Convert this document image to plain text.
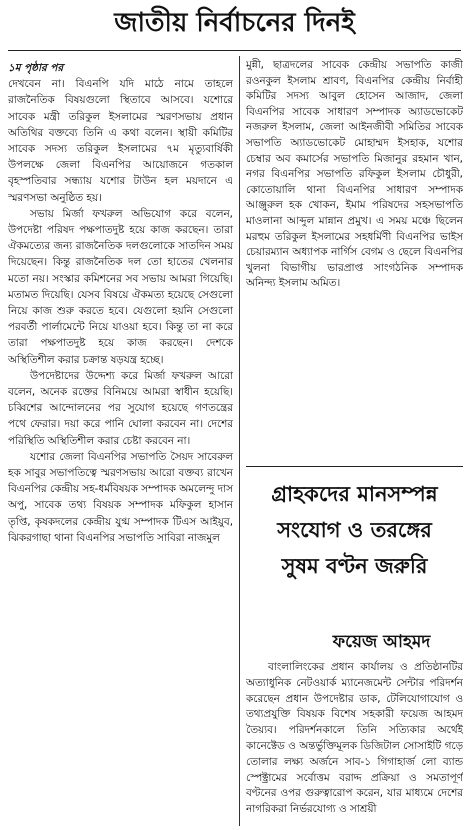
জাতীয় নির্বাচনের দিনই

১ম পৃষ্ঠার পর

দেখবেন না। বিএনপি যদি মাঠে নামে তাহলে রাজনৈতিক বিষয়গুলো স্থিতাবে আসবে। যশোরে সাবেক মন্ত্রী তরিকুল ইসলামের স্মরণসভায় প্রধান অতিথির বক্তব্যে তিনি এ কথা বলেন। স্থায়ী কমিটির সাবেক সদস্য তরিকুল ইসলামের ৭ম মৃত্যুবার্ষিকী উপলক্ষে জেলা বিএনপির আয়োজনে গতকাল বৃহস্পতিবার সন্ধ্যায় যশোর টাউন হল ময়দানে এ স্মরণসভা অনুষ্ঠিত হয়।

সভায় মির্জা ফখরুল অভিযোগ করে বলেন, উপদেষ্টা পরিষদ পক্ষপাতদুষ্ট হয়ে কাজ করছেন। তারা ঐকমত্যের জন্য রাজনৈতিক দলগুলোকে সাতদিন সময় দিয়েছেন। কিন্তু রাজনৈতিক দল তো হাতের খেলনার মতো নয়। সংস্কার কমিশনের সব সভায় আমরা গিয়েছি। মতামত দিয়েছি। যেসব বিষয়ে ঐকমত্য হয়েছে সেগুলো নিয়ে কাজ শুরু করতে হবে। যেগুলো হয়নি সেগুলো পরবর্তী পার্লামেন্টে নিয়ে যাওয়া হবে। কিন্তু তা না করে তারা পক্ষপাতদুষ্ট হয়ে কাজ করছেন। দেশকে অস্থিতিশীল করার চক্রান্ত ষড়যন্ত্র হচ্ছে।

উপদেষ্টাদের উদ্দেশ্য করে মির্জা ফখরুল আরো বলেন, অনেক রক্তের বিনিময়ে আমরা স্বাধীন হয়েছি। চব্বিশের আন্দোলনের পর সুযোগ হয়েছে গণতন্ত্রের পথে ফেরার। দয়া করে পানি ঘোলা করবেন না। দেশের পরিস্থিতি অস্থিতিশীল করার চেষ্টা করবেন না।

যশোর জেলা বিএনপির সভাপতি সৈয়দ সাবেরুল হক সাবুর সভাপতিত্বে স্মরণসভায় আরো বক্তব্য রাখেন বিএনপির কেন্দ্রীয় সহ-ধর্মবিষয়ক সম্পাদক অমলেন্দু দাস অপু, সাবেক তথ্য বিষয়ক সম্পাদক মফিকুল হাসান তৃপ্তি, কৃষকদলের কেন্দ্রীয় যুগ্ম সম্পাদক টিএস আইয়ুব, ঝিকরগাছা থানা বিএনপির সভাপতি সাবিরা নাজমুল

মুন্নী, ছাত্রদলের সাবেক কেন্দ্রীয় সভাপতি কাজী রওনকুল ইসলাম শ্রাবণ, বিএনপির কেন্দ্রীয় নির্বাহী কমিটির সদস্য আবুল হোসেন আজাদ, জেলা বিএনপির সাবেক সাধারণ সম্পাদক অ্যাডভোকেট নজরুল ইসলাম, জেলা আইনজীবী সমিতির সাবেক সভাপতি অ্যাডভোকেট মোহাম্মদ ইসহাক, যশোর চেম্বার অব কমার্সের সভাপতি মিজানুর রহমান খান, নগর বিএনপির সভাপতি রফিকুল ইসলাম চৌধুরী, কোতোয়ালি থানা বিএনপির সাধারণ সম্পাদক আঞ্জুরুল হক খোকন, ইমাম পরিষদের সহসভাপতি মাওলানা আব্দুল মান্নান প্রমুখ। এ সময় মঞ্চে ছিলেন মরহুম তরিকুল ইসলামের সহধর্মিণী বিএনপির ভাইস চেয়ারম্যান অধ্যাপক নার্গিস বেগম ও ছেলে বিএনপির খুলনা বিভাগীয় ভারপ্রাপ্ত সাংগঠনিক সম্পাদক অনিন্দ্য ইসলাম অমিত।

গ্রাহকদের মানসম্পন্ন
সংযোগ ও তরঙ্গের
সুষম বণ্টন জরুরি
ফয়েজ আহমদ

বাংলালিংকের প্রধান কার্যালয় ও প্রতিষ্ঠানটির অত্যাধুনিক নেটওয়ার্ক ম্যানেজমেন্ট সেন্টার পরিদর্শন করেছেন প্রধান উপদেষ্টার ডাক, টেলিযোগাযোগ ও তথ্যপ্রযুক্তি বিষয়ক বিশেষ সহকারী ফয়েজ আহমদ তৈয়্যব। পরিদর্শনকালে তিনি সত্যিকার অর্থেই কানেক্টেড ও অন্তর্ভুক্তিমূলক ডিজিটাল সোসাইটি গড়ে তোলার লক্ষ্য অর্জনে সাব-১ গিগাহার্জ লো ব্যান্ড স্পেক্ট্রামের সর্বোত্তম বরাদ্দ প্রক্রিয়া ও সমতাপূর্ণ বণ্টনের ওপর গুরুত্বারোপ করেন, যার মাধ্যমে দেশের নাগরিকরা নির্ভরযোগ্য ও সাশ্রয়ী
